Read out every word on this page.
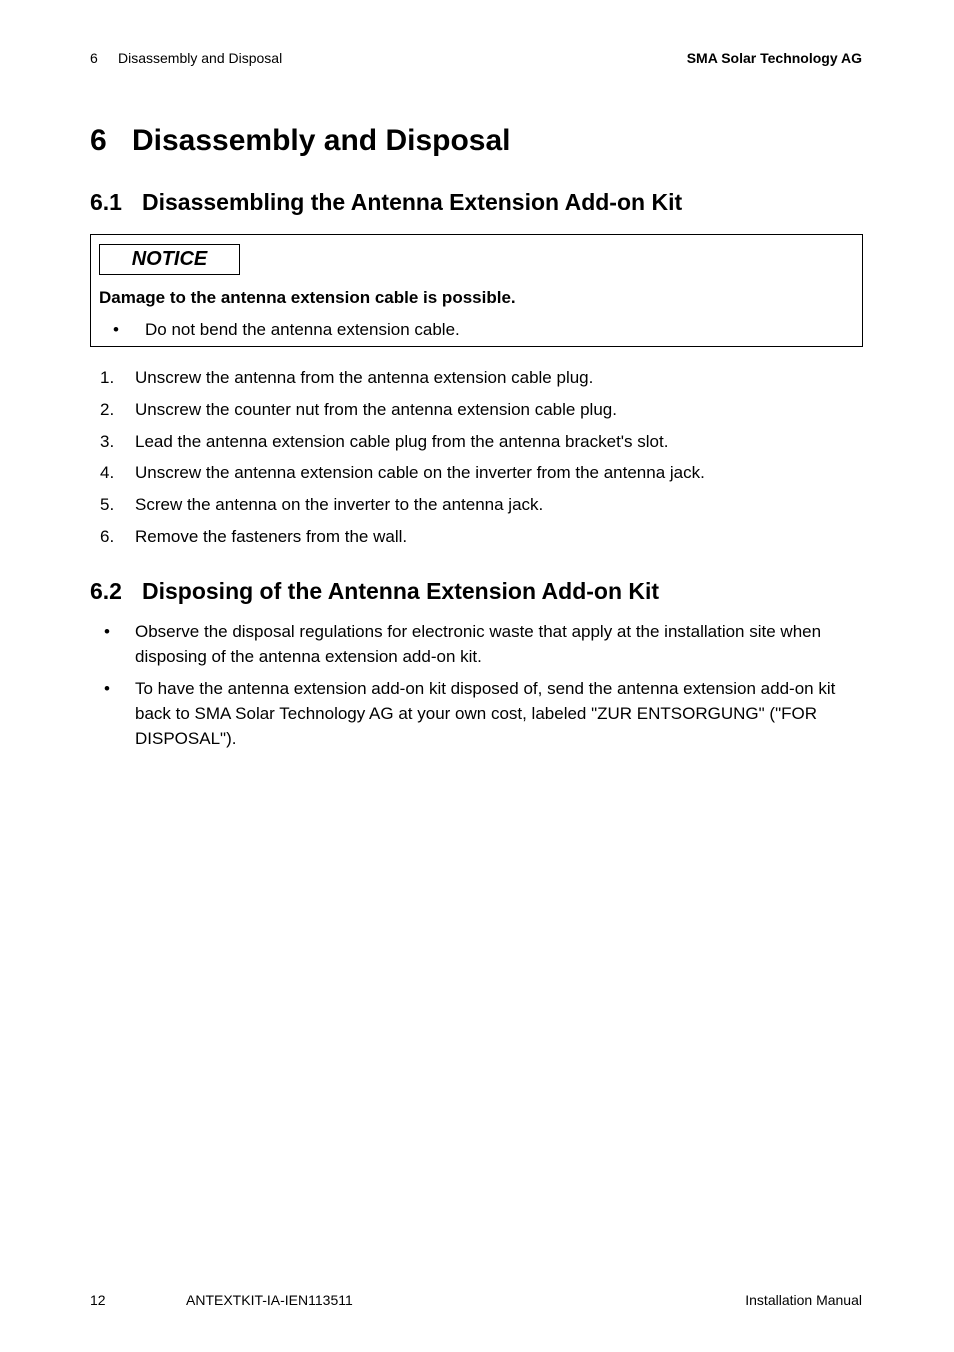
6 Disassembly and Disposal	SMA Solar Technology AG
6 Disassembly and Disposal
6.1 Disassembling the Antenna Extension Add-on Kit
NOTICE
Damage to the antenna extension cable is possible.
• Do not bend the antenna extension cable.
1. Unscrew the antenna from the antenna extension cable plug.
2. Unscrew the counter nut from the antenna extension cable plug.
3. Lead the antenna extension cable plug from the antenna bracket's slot.
4. Unscrew the antenna extension cable on the inverter from the antenna jack.
5. Screw the antenna on the inverter to the antenna jack.
6. Remove the fasteners from the wall.
6.2 Disposing of the Antenna Extension Add-on Kit
• Observe the disposal regulations for electronic waste that apply at the installation site when disposing of the antenna extension add-on kit.
• To have the antenna extension add-on kit disposed of, send the antenna extension add-on kit back to SMA Solar Technology AG at your own cost, labeled "ZUR ENTSORGUNG" ("FOR DISPOSAL").
12	ANTEXTKIT-IA-IEN113511	Installation Manual
